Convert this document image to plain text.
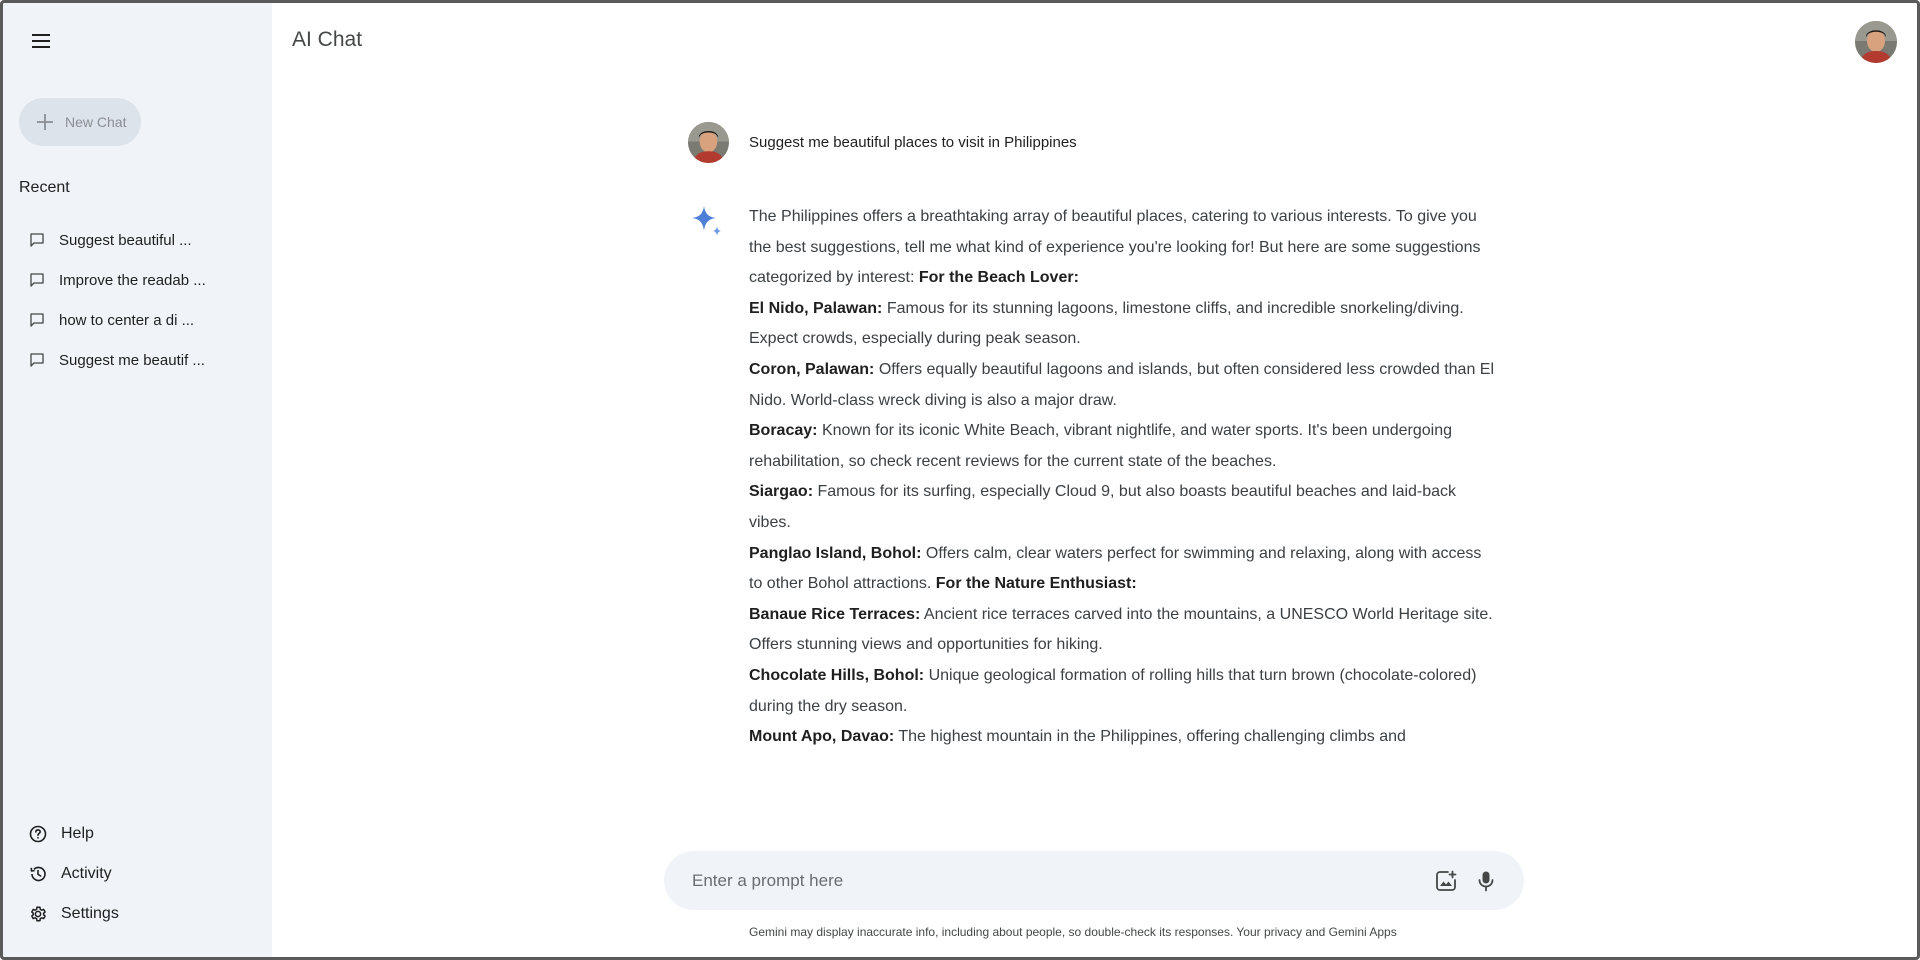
New Chat
Recent
Suggest beautiful ...
Improve the readab ...
how to center a di ...
Suggest me beautif ...
Help
Activity
Settings
AI Chat
Suggest me beautiful places to visit in Philippines

The Philippines offers a breathtaking array of beautiful places, catering to various interests. To give you the best suggestions, tell me what kind of experience you're looking for! But here are some suggestions categorized by interest: For the Beach Lover:

El Nido, Palawan: Famous for its stunning lagoons, limestone cliffs, and incredible snorkeling/diving. Expect crowds, especially during peak season.

Coron, Palawan: Offers equally beautiful lagoons and islands, but often considered less crowded than El Nido. World-class wreck diving is also a major draw.

Boracay: Known for its iconic White Beach, vibrant nightlife, and water sports. It's been undergoing rehabilitation, so check recent reviews for the current state of the beaches.

Siargao: Famous for its surfing, especially Cloud 9, but also boasts beautiful beaches and laid-back vibes.

Panglao Island, Bohol: Offers calm, clear waters perfect for swimming and relaxing, along with access to other Bohol attractions. For the Nature Enthusiast:

Banaue Rice Terraces: Ancient rice terraces carved into the mountains, a UNESCO World Heritage site. Offers stunning views and opportunities for hiking.

Chocolate Hills, Bohol: Unique geological formation of rolling hills that turn brown (chocolate-colored) during the dry season.

Mount Apo, Davao: The highest mountain in the Philippines, offering challenging climbs and

Enter a prompt here
Gemini may display inaccurate info, including about people, so double-check its responses. Your privacy and Gemini Apps
